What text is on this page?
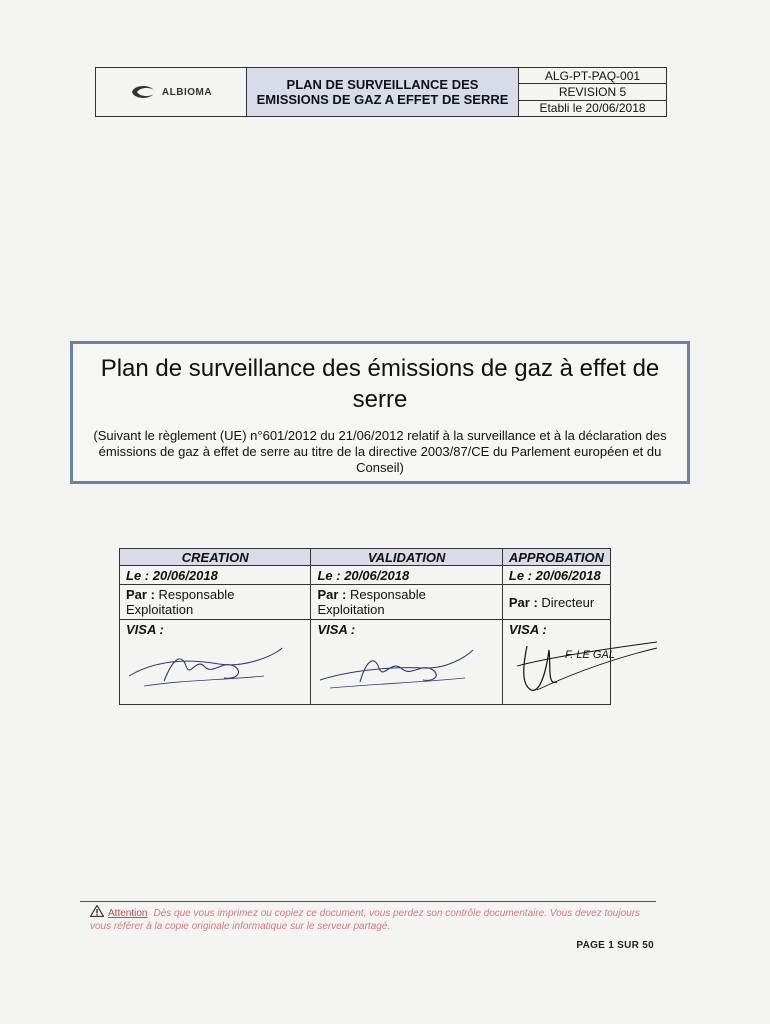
ALBIOMA	PLAN DE SURVEILLANCE DES EMISSIONS DE GAZ A EFFET DE SERRE
ALG-PT-PAQ-001
REVISION 5
Etabli le 20/06/2018
Plan de surveillance des émissions de gaz à effet de serre
(Suivant le règlement (UE) n°601/2012 du 21/06/2012 relatif à la surveillance et à la déclaration des émissions de gaz à effet de serre au titre de la directive 2003/87/CE du Parlement européen et du Conseil)
CREATION	VALIDATION	APPROBATION
Le : 20/06/2018	Le : 20/06/2018	Le : 20/06/2018
Par : Responsable Exploitation	Par : Responsable Exploitation	Par : Directeur
VISA :	VISA :	VISA :
F. LE GAL
Attention Dès que vous imprimez ou copiez ce document, vous perdez son contrôle documentaire. Vous devez toujours vous référer à la copie originale informatique sur le serveur partagé.
PAGE 1 SUR 50
